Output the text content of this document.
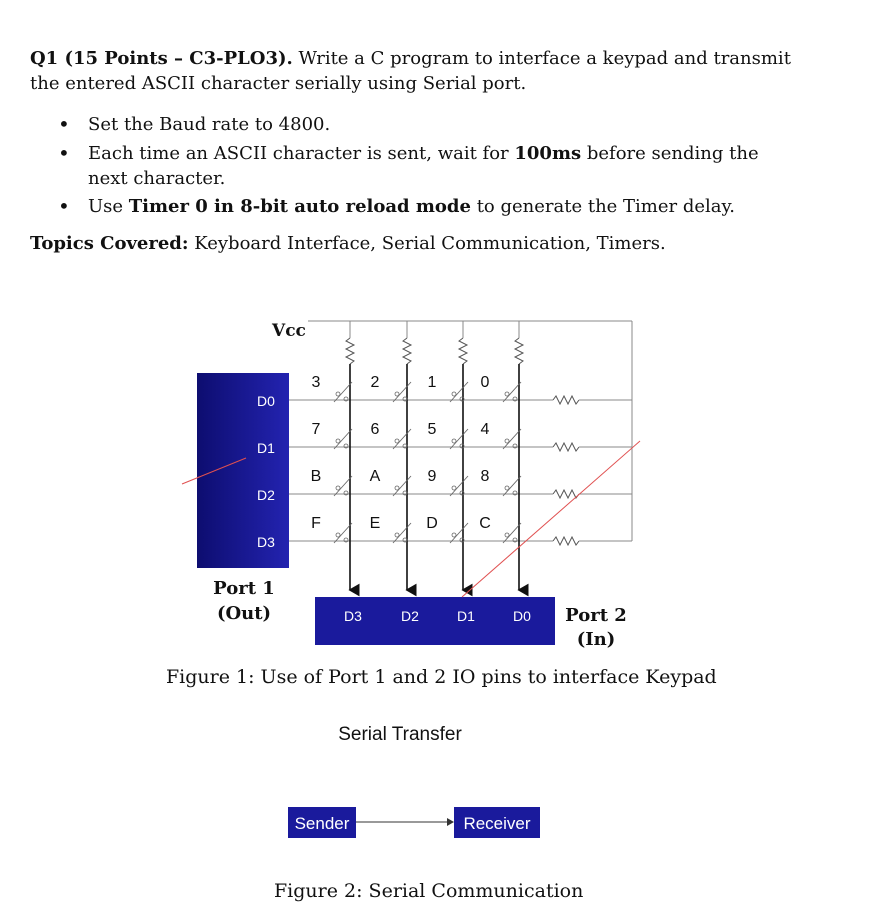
Q1 (15 Points – C3-PLO3). Write a C program to interface a keypad and transmit the entered ASCII character serially using Serial port.
• Set the Baud rate to 4800.
• Each time an ASCII character is sent, wait for 100ms before sending the next character.
• Use Timer 0 in 8-bit auto reload mode to generate the Timer delay.
Topics Covered: Keyboard Interface, Serial Communication, Timers.
Vcc
D0
D1
D2
D3
3	2	1	0
7	6	5	4
B	A	9	8
F	E	D	C
D3	D2	D1	D0
Port 1
(Out)	Port 2
(In)
Serial Transfer
Sender	Receiver
Figure 1: Use of Port 1 and 2 IO pins to interface Keypad
Figure 2: Serial Communication
